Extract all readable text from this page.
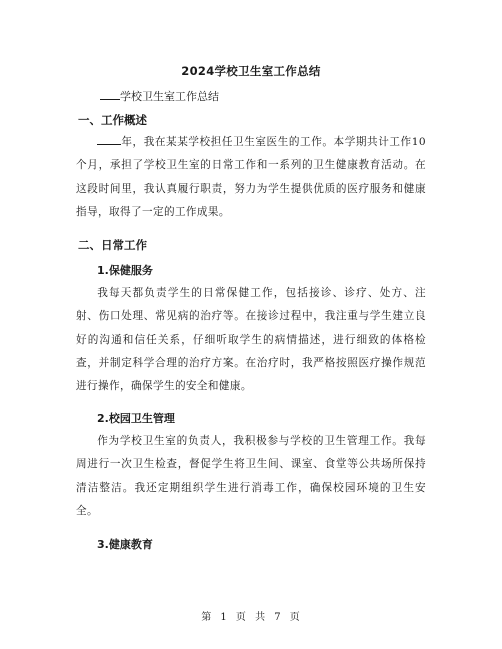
2024学校卫生室工作总结
学校卫生室工作总结
一、工作概述
年，我在某某学校担任卫生室医生的工作。本学期共计工作10个月，承担了学校卫生室的日常工作和一系列的卫生健康教育活动。在这段时间里，我认真履行职责，努力为学生提供优质的医疗服务和健康指导，取得了一定的工作成果。
二、日常工作
1.保健服务
我每天都负责学生的日常保健工作，包括接诊、诊疗、处方、注射、伤口处理、常见病的治疗等。在接诊过程中，我注重与学生建立良好的沟通和信任关系，仔细听取学生的病情描述，进行细致的体格检查，并制定科学合理的治疗方案。在治疗时，我严格按照医疗操作规范进行操作，确保学生的安全和健康。
2.校园卫生管理
作为学校卫生室的负责人，我积极参与学校的卫生管理工作。我每周进行一次卫生检查，督促学生将卫生间、课室、食堂等公共场所保持清洁整洁。我还定期组织学生进行消毒工作，确保校园环境的卫生安全。
3.健康教育
第 1 页 共 7 页
